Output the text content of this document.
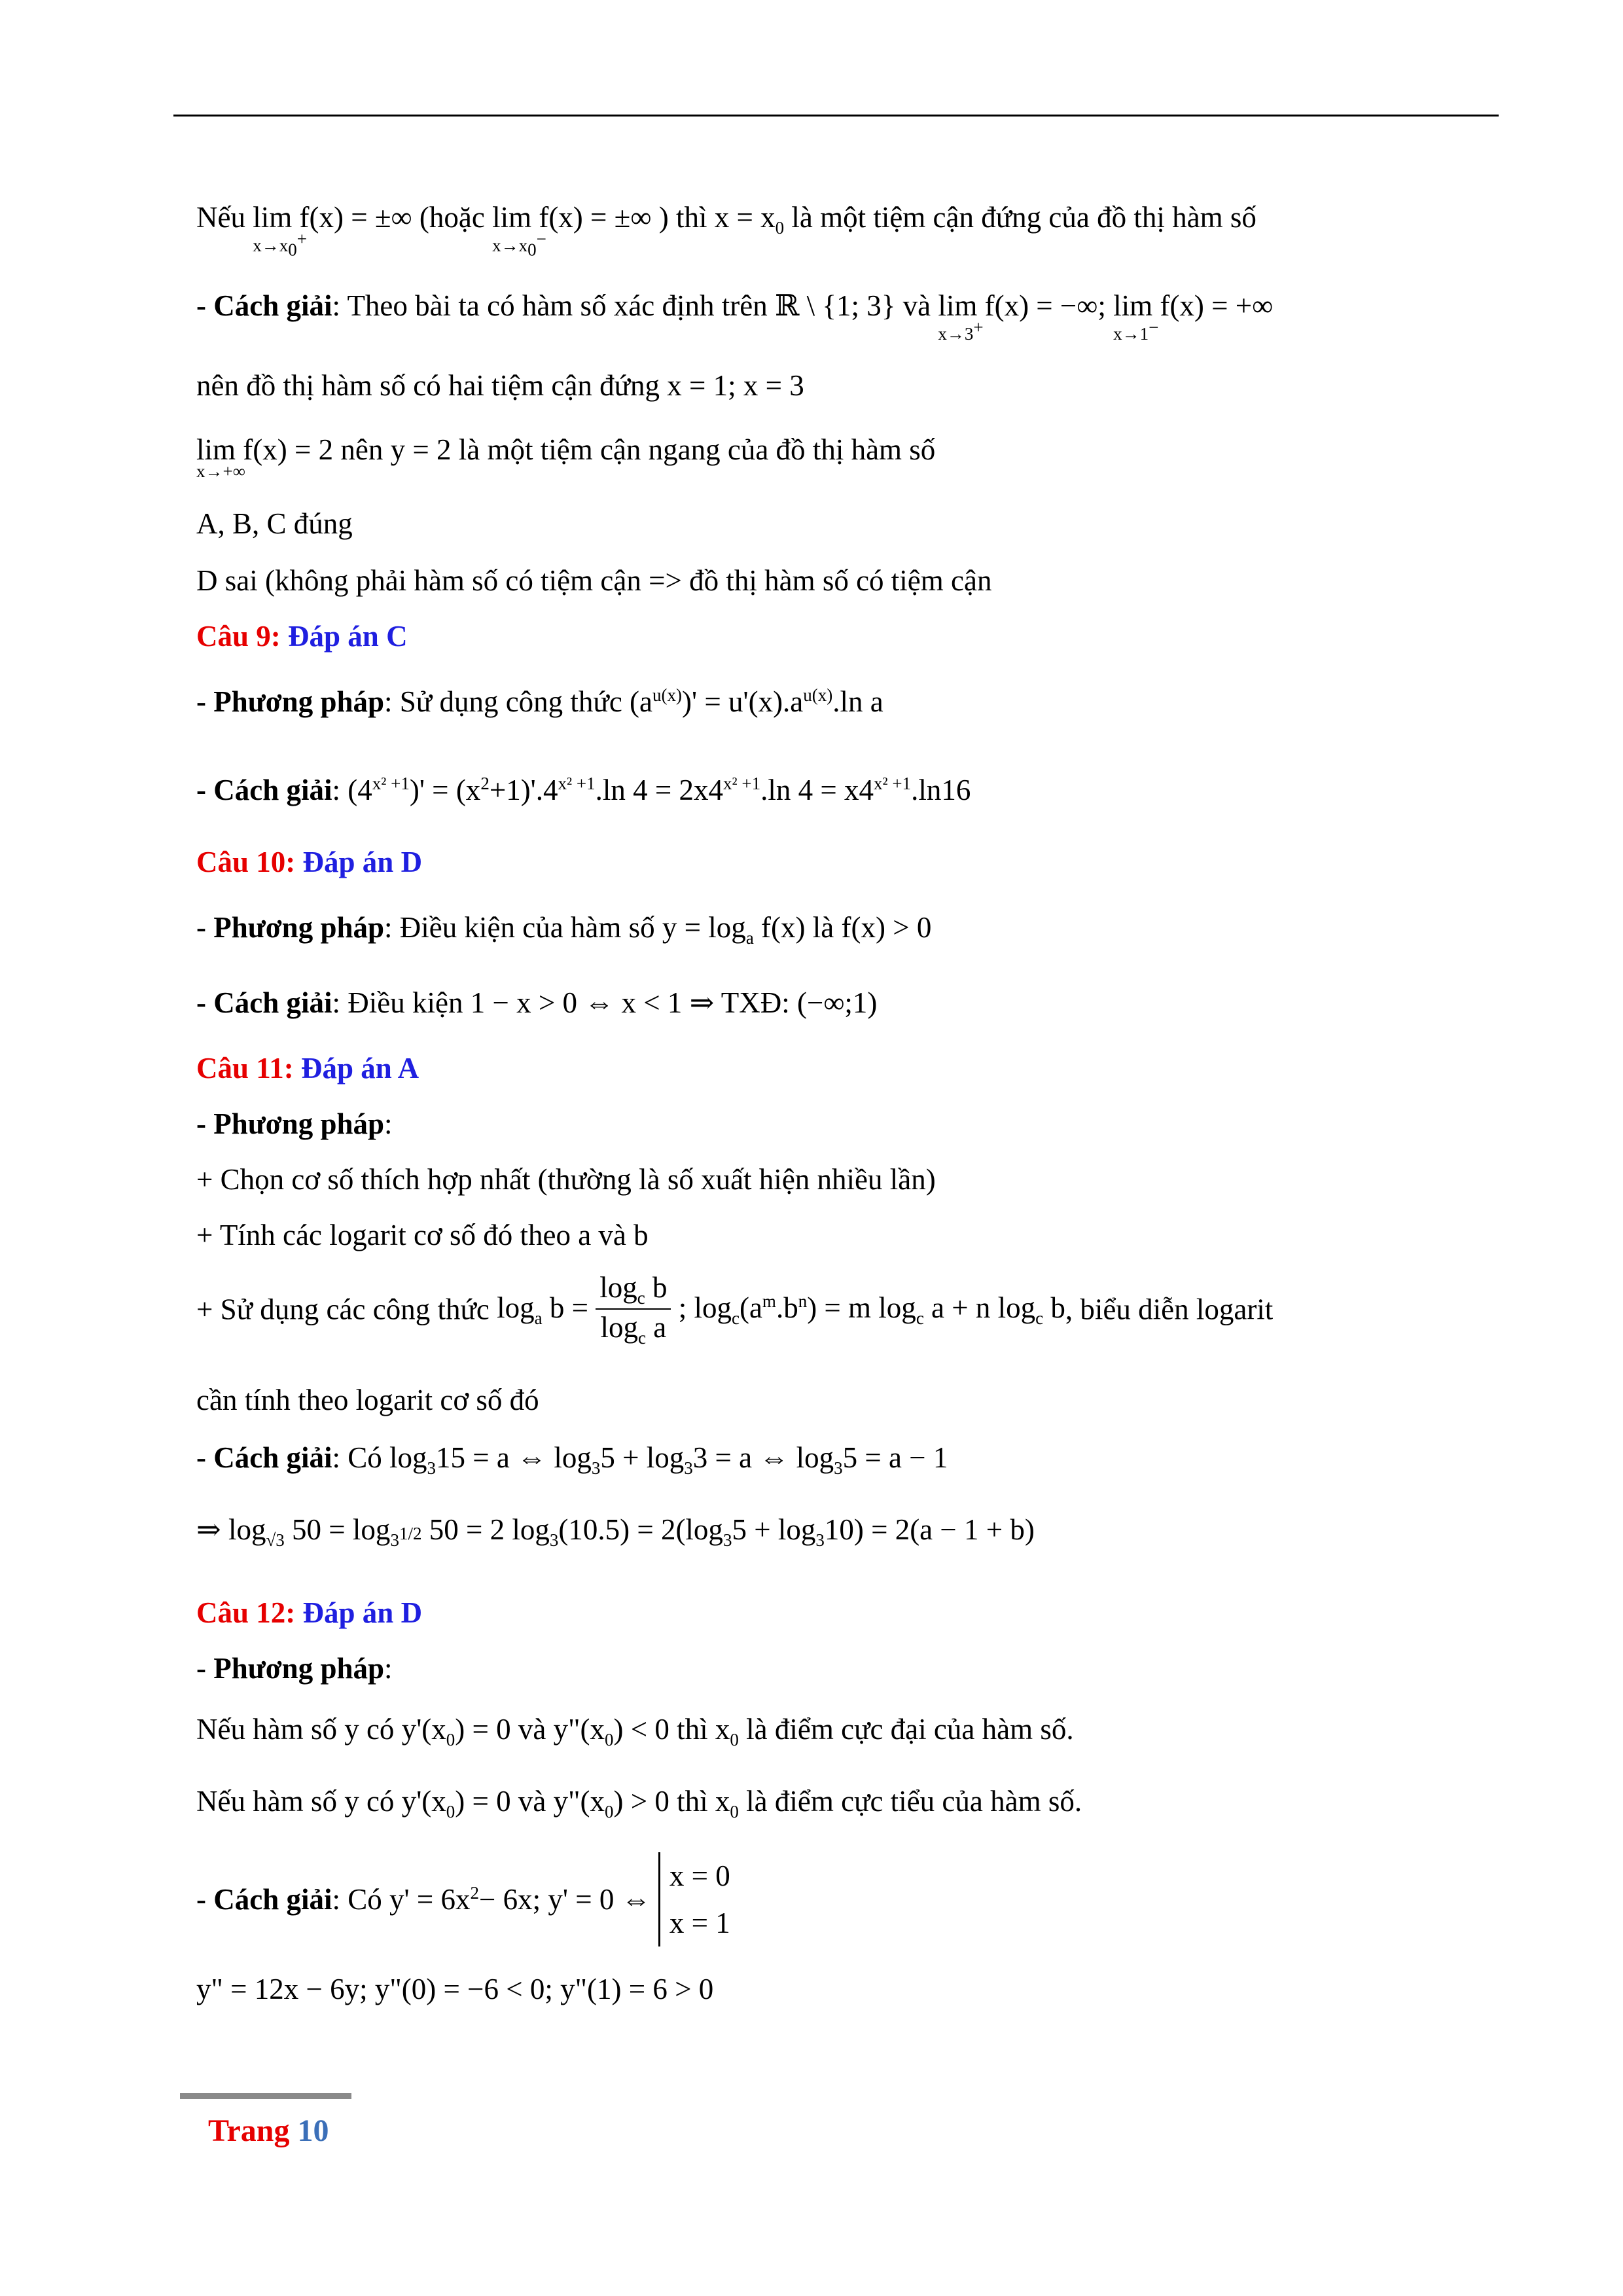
Nếu lim
$x\to x_0^+$
f(x) = ±∞ (hoặc lim
$x\to x_0^-$
f(x) = ±∞ ) thì $x = x_0$ là một tiệm cận đứng của đồ thị hàm số
- Cách giải: Theo bài ta có hàm số xác định trên ℝ \ {1; 3} và lim
x→3+
f(x) = −∞; lim
x→1−
f(x) = +∞
nên đồ thị hàm số có hai tiệm cận đứng x = 1; x = 3
lim
x→+∞
f(x) = 2 nên y = 2 là một tiệm cận ngang của đồ thị hàm số
A, B, C đúng
D sai (không phải hàm số có tiệm cận => đồ thị hàm số có tiệm cận
Câu 9: Đáp án C
- Phương pháp: Sử dụng công thức $(a^{u(x)})' = u'(x).a^{u(x)}.\ln$ a
- Cách giải: $(4^{x^2 +1})' = (x^2+1)'.4^{x^2 +1}.\ln$ $4 = 2x4^{x^2 +1}.\ln$ $4 = x4^{x^2 +1}.\ln 16$
Câu 10: Đáp án D
- Phương pháp: Điều kiện của hàm số $y = \log_a f(x)$ là f(x) > 0
- Cách giải: Điều kiện 1 − x > 0 ⇔ x < 1 ⇒ TXĐ: (−∞;1)
Câu 11: Đáp án A
- Phương pháp:
+ Chọn cơ số thích hợp nhất (thường là số xuất hiện nhiều lần)
+ Tính các logarit cơ số đó theo a và b
+ Sử dụng các công thức $\log_a b = \frac{\log_c b}{\log_c a}$ ; $\log_c(a^m.b^n) = m$ $\log_c a + n$ $\log_c b$, biểu diễn logarit
cần tính theo logarit cơ số đó
- Cách giải: Có $\log_315 = a$ ⇔ $\log_35 + \log_33 = a$ ⇔ $\log_35 = a - 1$
⇒ $\log_{√3} 50 = \log_{3^{1/2}} 50 = 2$ $\log_3(10.5) = 2(\log_35 + \log_310) = 2(a - 1 + b)$
Câu 12: Đáp án D
- Phương pháp:
Nếu hàm số y có $y'(x_0) = 0$ và $y"(x_0) < 0$ thì $x_0$ là điểm cực đại của hàm số.
Nếu hàm số y có $y'(x_0) = 0$ và $y"(x_0) > 0$ thì $x_0$ là điểm cực tiểu của hàm số.
- Cách giải: Có $y' = 6x^2- 6x$; y' = 0 ⇔ x = 0
x = 1
y" = 12x − 6y; y"(0) = −6 < 0; y"(1) = 6 > 0
Trang 10
